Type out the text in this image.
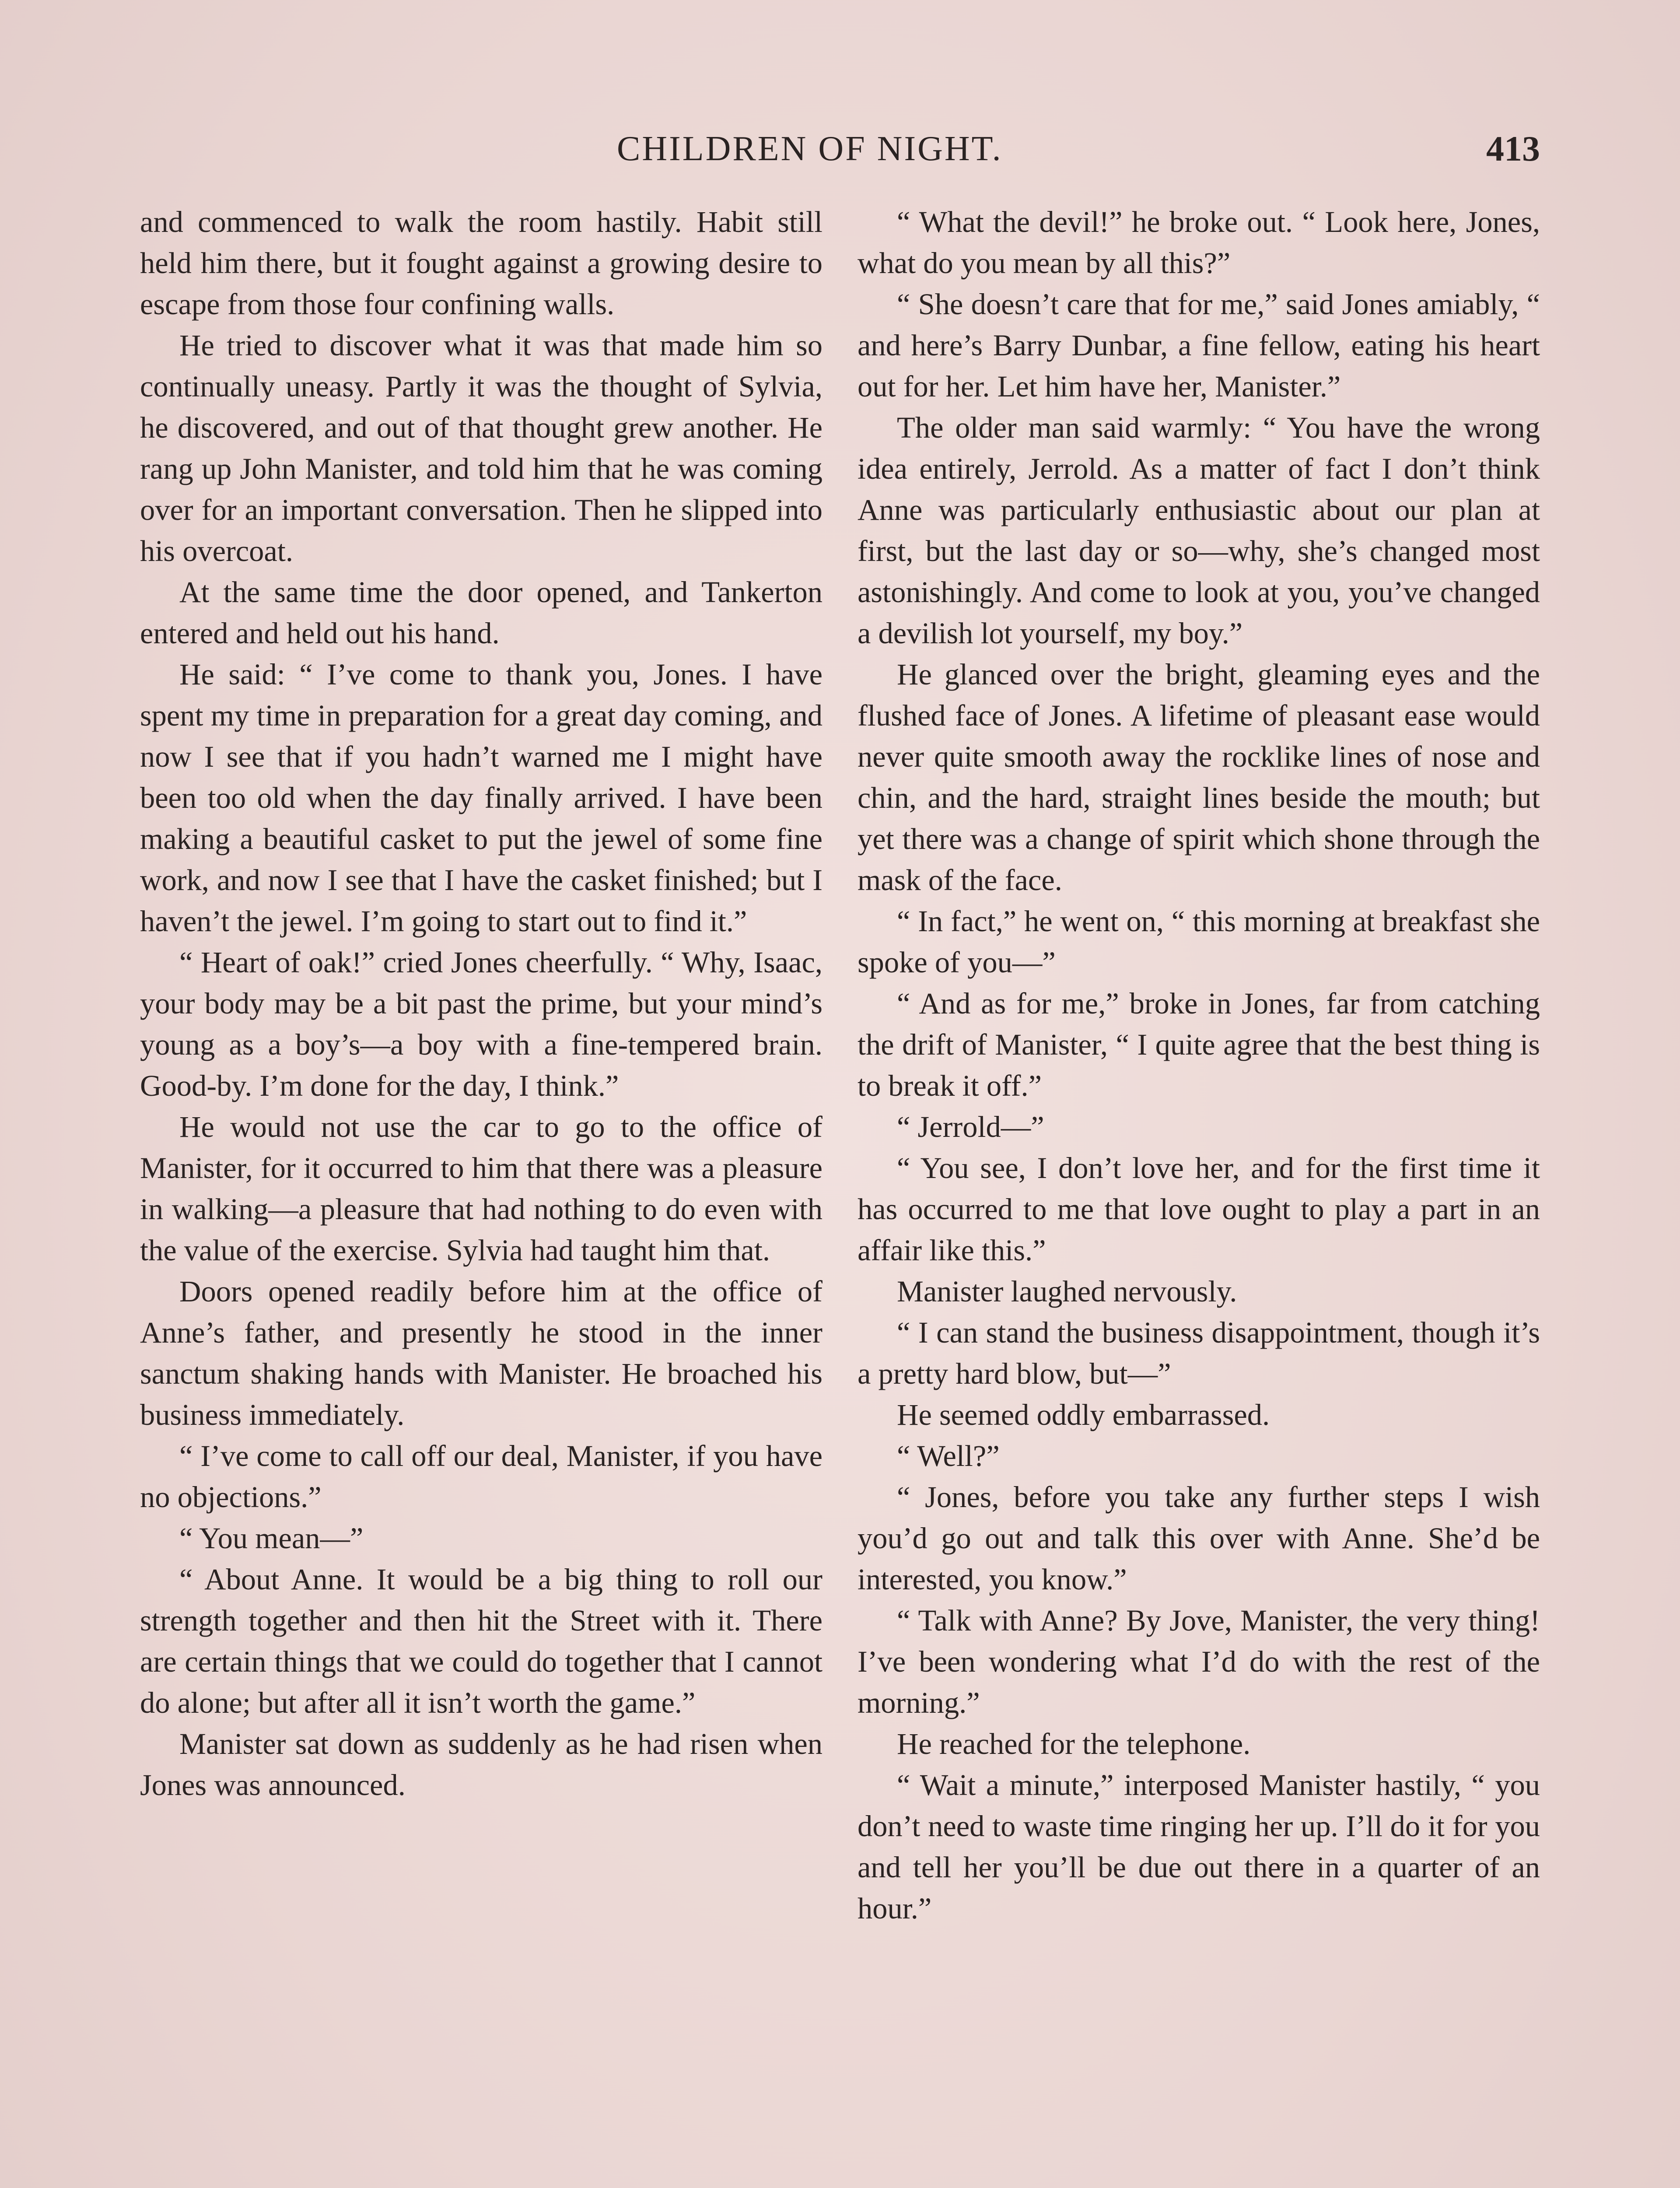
CHILDREN OF NIGHT.	413

and commenced to walk the room hastily. Habit still held him there, but it fought against a growing desire to escape from those four confining walls.

He tried to discover what it was that made him so continually uneasy. Partly it was the thought of Sylvia, he discovered, and out of that thought grew another. He rang up John Manister, and told him that he was coming over for an important conversation. Then he slipped into his overcoat.

At the same time the door opened, and Tankerton entered and held out his hand.

He said: “ I’ve come to thank you, Jones. I have spent my time in preparation for a great day coming, and now I see that if you hadn’t warned me I might have been too old when the day finally arrived. I have been making a beautiful casket to put the jewel of some fine work, and now I see that I have the casket finished; but I haven’t the jewel. I’m going to start out to find it.”

“ Heart of oak!” cried Jones cheerfully. “ Why, Isaac, your body may be a bit past the prime, but your mind’s young as a boy’s—a boy with a fine-tempered brain. Good-by. I’m done for the day, I think.”

He would not use the car to go to the office of Manister, for it occurred to him that there was a pleasure in walking—a pleasure that had nothing to do even with the value of the exercise. Sylvia had taught him that.

Doors opened readily before him at the office of Anne’s father, and presently he stood in the inner sanctum shaking hands with Manister. He broached his business immediately.

“ I’ve come to call off our deal, Manister, if you have no objections.”

“ You mean—”

“ About Anne. It would be a big thing to roll our strength together and then hit the Street with it. There are certain things that we could do together that I cannot do alone; but after all it isn’t worth the game.”

Manister sat down as suddenly as he had risen when Jones was announced.

“ What the devil!” he broke out. “ Look here, Jones, what do you mean by all this?”

“ She doesn’t care that for me,” said Jones amiably, “ and here’s Barry Dunbar, a fine fellow, eating his heart out for her. Let him have her, Manister.”

The older man said warmly: “ You have the wrong idea entirely, Jerrold. As a matter of fact I don’t think Anne was particularly enthusiastic about our plan at first, but the last day or so—why, she’s changed most astonishingly. And come to look at you, you’ve changed a devilish lot yourself, my boy.”

He glanced over the bright, gleaming eyes and the flushed face of Jones. A lifetime of pleasant ease would never quite smooth away the rocklike lines of nose and chin, and the hard, straight lines beside the mouth; but yet there was a change of spirit which shone through the mask of the face.

“ In fact,” he went on, “ this morning at breakfast she spoke of you—”

“ And as for me,” broke in Jones, far from catching the drift of Manister, “ I quite agree that the best thing is to break it off.”

“ Jerrold—”

“ You see, I don’t love her, and for the first time it has occurred to me that love ought to play a part in an affair like this.”

Manister laughed nervously.

“ I can stand the business disappointment, though it’s a pretty hard blow, but—”

He seemed oddly embarrassed.

“ Well?”

“ Jones, before you take any further steps I wish you’d go out and talk this over with Anne. She’d be interested, you know.”

“ Talk with Anne? By Jove, Manister, the very thing! I’ve been wondering what I’d do with the rest of the morning.”

He reached for the telephone.

“ Wait a minute,” interposed Manister hastily, “ you don’t need to waste time ringing her up. I’ll do it for you and tell her you’ll be due out there in a quarter of an hour.”
